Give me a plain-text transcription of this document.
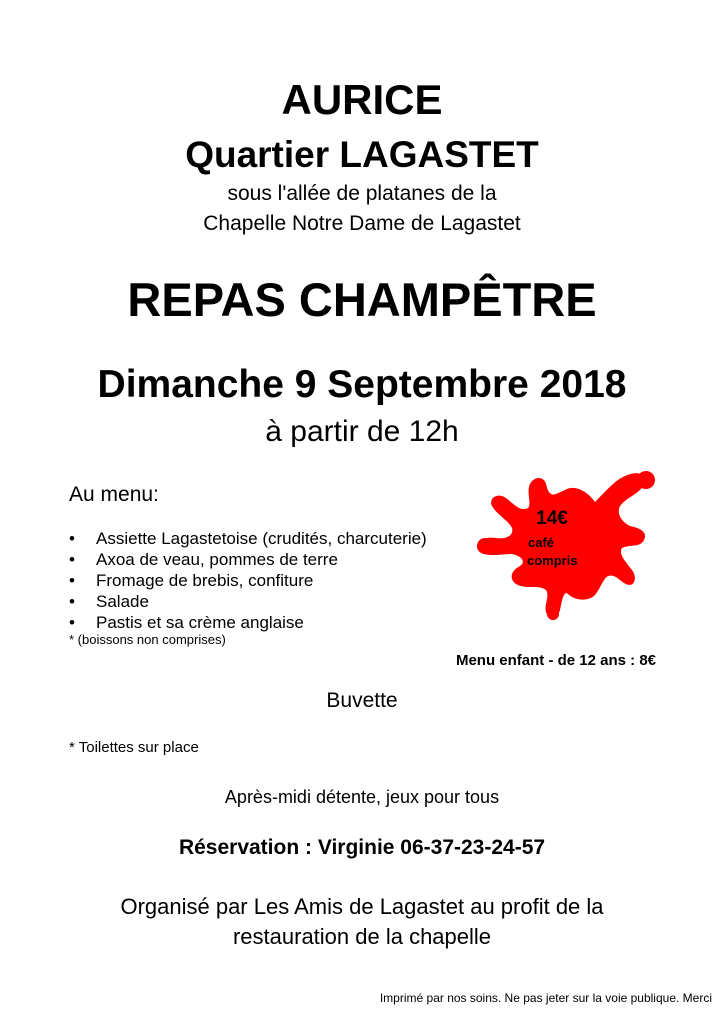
AURICE
Quartier LAGASTET
sous l'allée de platanes de la
Chapelle Notre Dame de Lagastet
REPAS CHAMPÊTRE
Dimanche 9 Septembre 2018
à partir de 12h
Au menu:
• Assiette Lagastetoise (crudités, charcuterie)
• Axoa de veau, pommes de terre
• Fromage de brebis, confiture
• Salade
• Pastis et sa crème anglaise
* (boissons non comprises)
14€
café
compris
Menu enfant - de 12 ans : 8€
Buvette
* Toilettes sur place
Après-midi détente, jeux pour tous
Réservation : Virginie 06-37-23-24-57
Organisé par Les Amis de Lagastet au profit de la
restauration de la chapelle
Imprimé par nos soins. Ne pas jeter sur la voie publique. Merci
